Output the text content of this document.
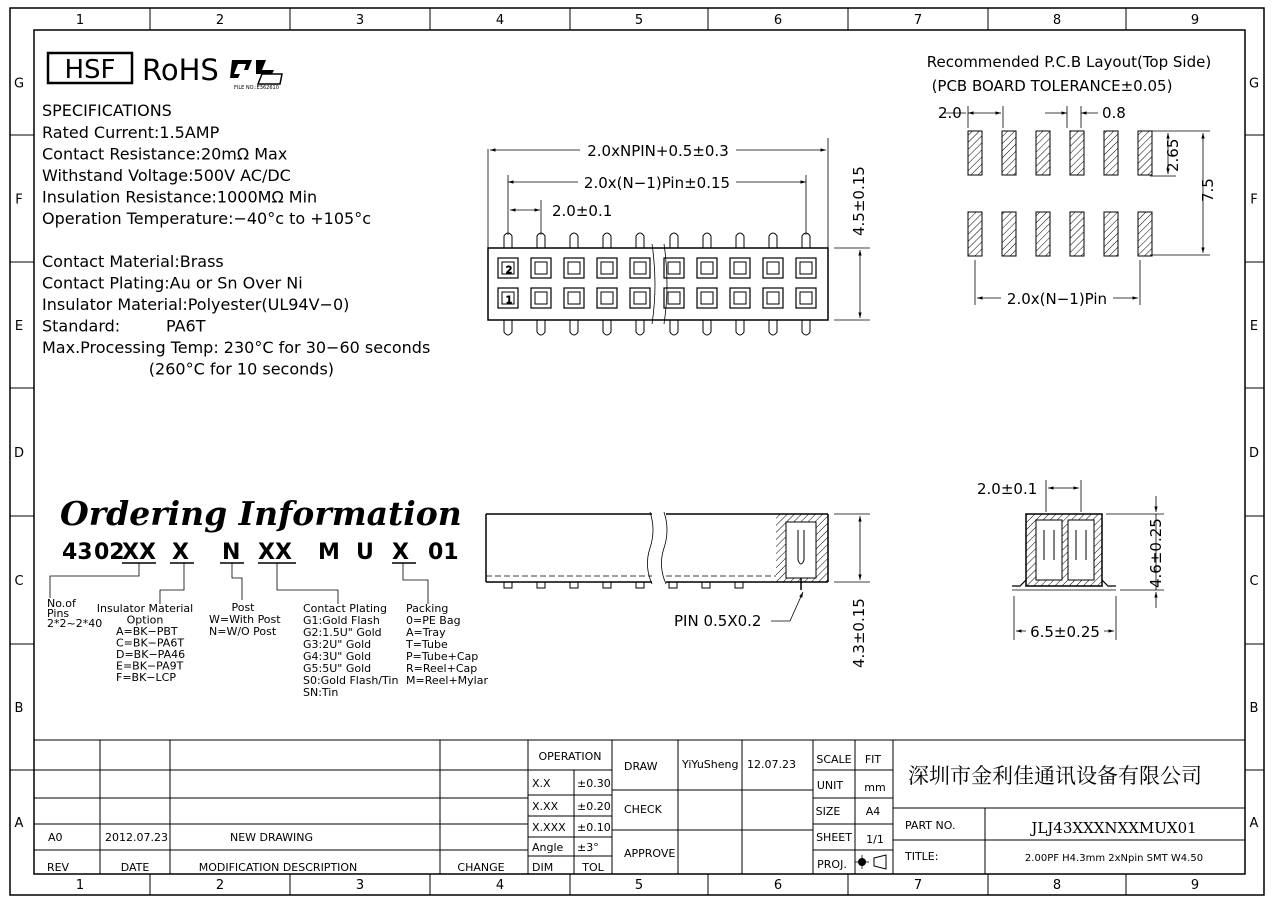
1
1
2
2
3
3
4
4
5
5
6
6
7
7
8
8
9
9
G	G
F	F
E	E
D	D
C	C
B	B
A	A
HSF RoHS
FILE NO.:E362610
SPECIFICATIONS
Rated Current:1.5AMP
Contact Resistance:20mΩ Max
Withstand Voltage:500V AC/DC
Insulation Resistance:1000MΩ Min
Operation Temperature:−40°c to +105°c
Contact Material:Brass
Contact Plating:Au or Sn Over Ni
Insulator Material:Polyester(UL94V−0)
Standard:         PA6T
Max.Processing Temp: 230°C for 30−60 seconds
(260°C for 10 seconds)
2
1
2.0xNPIN+0.5±0.3
2.0x(N−1)Pin±0.15
2.0±0.1	4.5±0.15
PIN 0.5X0.2	4.3±0.15
Recommended P.C.B Layout(Top Side)
(PCB BOARD TOLERANCE±0.05)
2.0	0.8
2.65
7.5
2.0x(N−1)Pin
2.0±0.1
4.6±0.25
6.5±0.25
Ordering Information
43 02
XX X N XX M U X 01
No.of
Pins
2*2~2*40
Insulator Material
Option
A=BK−PBT
C=BK−PA6T
D=BK−PA46
E=BK−PA9T
F=BK−LCP
Post
W=With Post
N=W/O Post
Contact Plating
G1:Gold Flash
G2:1.5U" Gold
G3:2U" Gold
G4:3U" Gold
G5:5U" Gold
S0:Gold Flash/Tin
SN:Tin
Packing
0=PE Bag
A=Tray
T=Tube
P=Tube+Cap
R=Reel+Cap
M=Reel+Mylar
A0	2012.07.23	NEW DRAWING
REV	DATE	MODIFICATION DESCRIPTION	CHANGE
OPERATION
X.X ±0.30
X.XX ±0.20
X.XXX ±0.10
Angle ±3°
DIM	TOL
DRAW YiYuSheng 12.07.23
CHECK
APPROVE
SCALE FIT
UNIT mm
SIZE A4
SHEET 1/1
PROJ.
深圳市金利佳通讯设备有限公司
PART NO.	JLJ43XXXNXXMUX01
TITLE:	2.00PF H4.3mm 2xNpin SMT W4.50
